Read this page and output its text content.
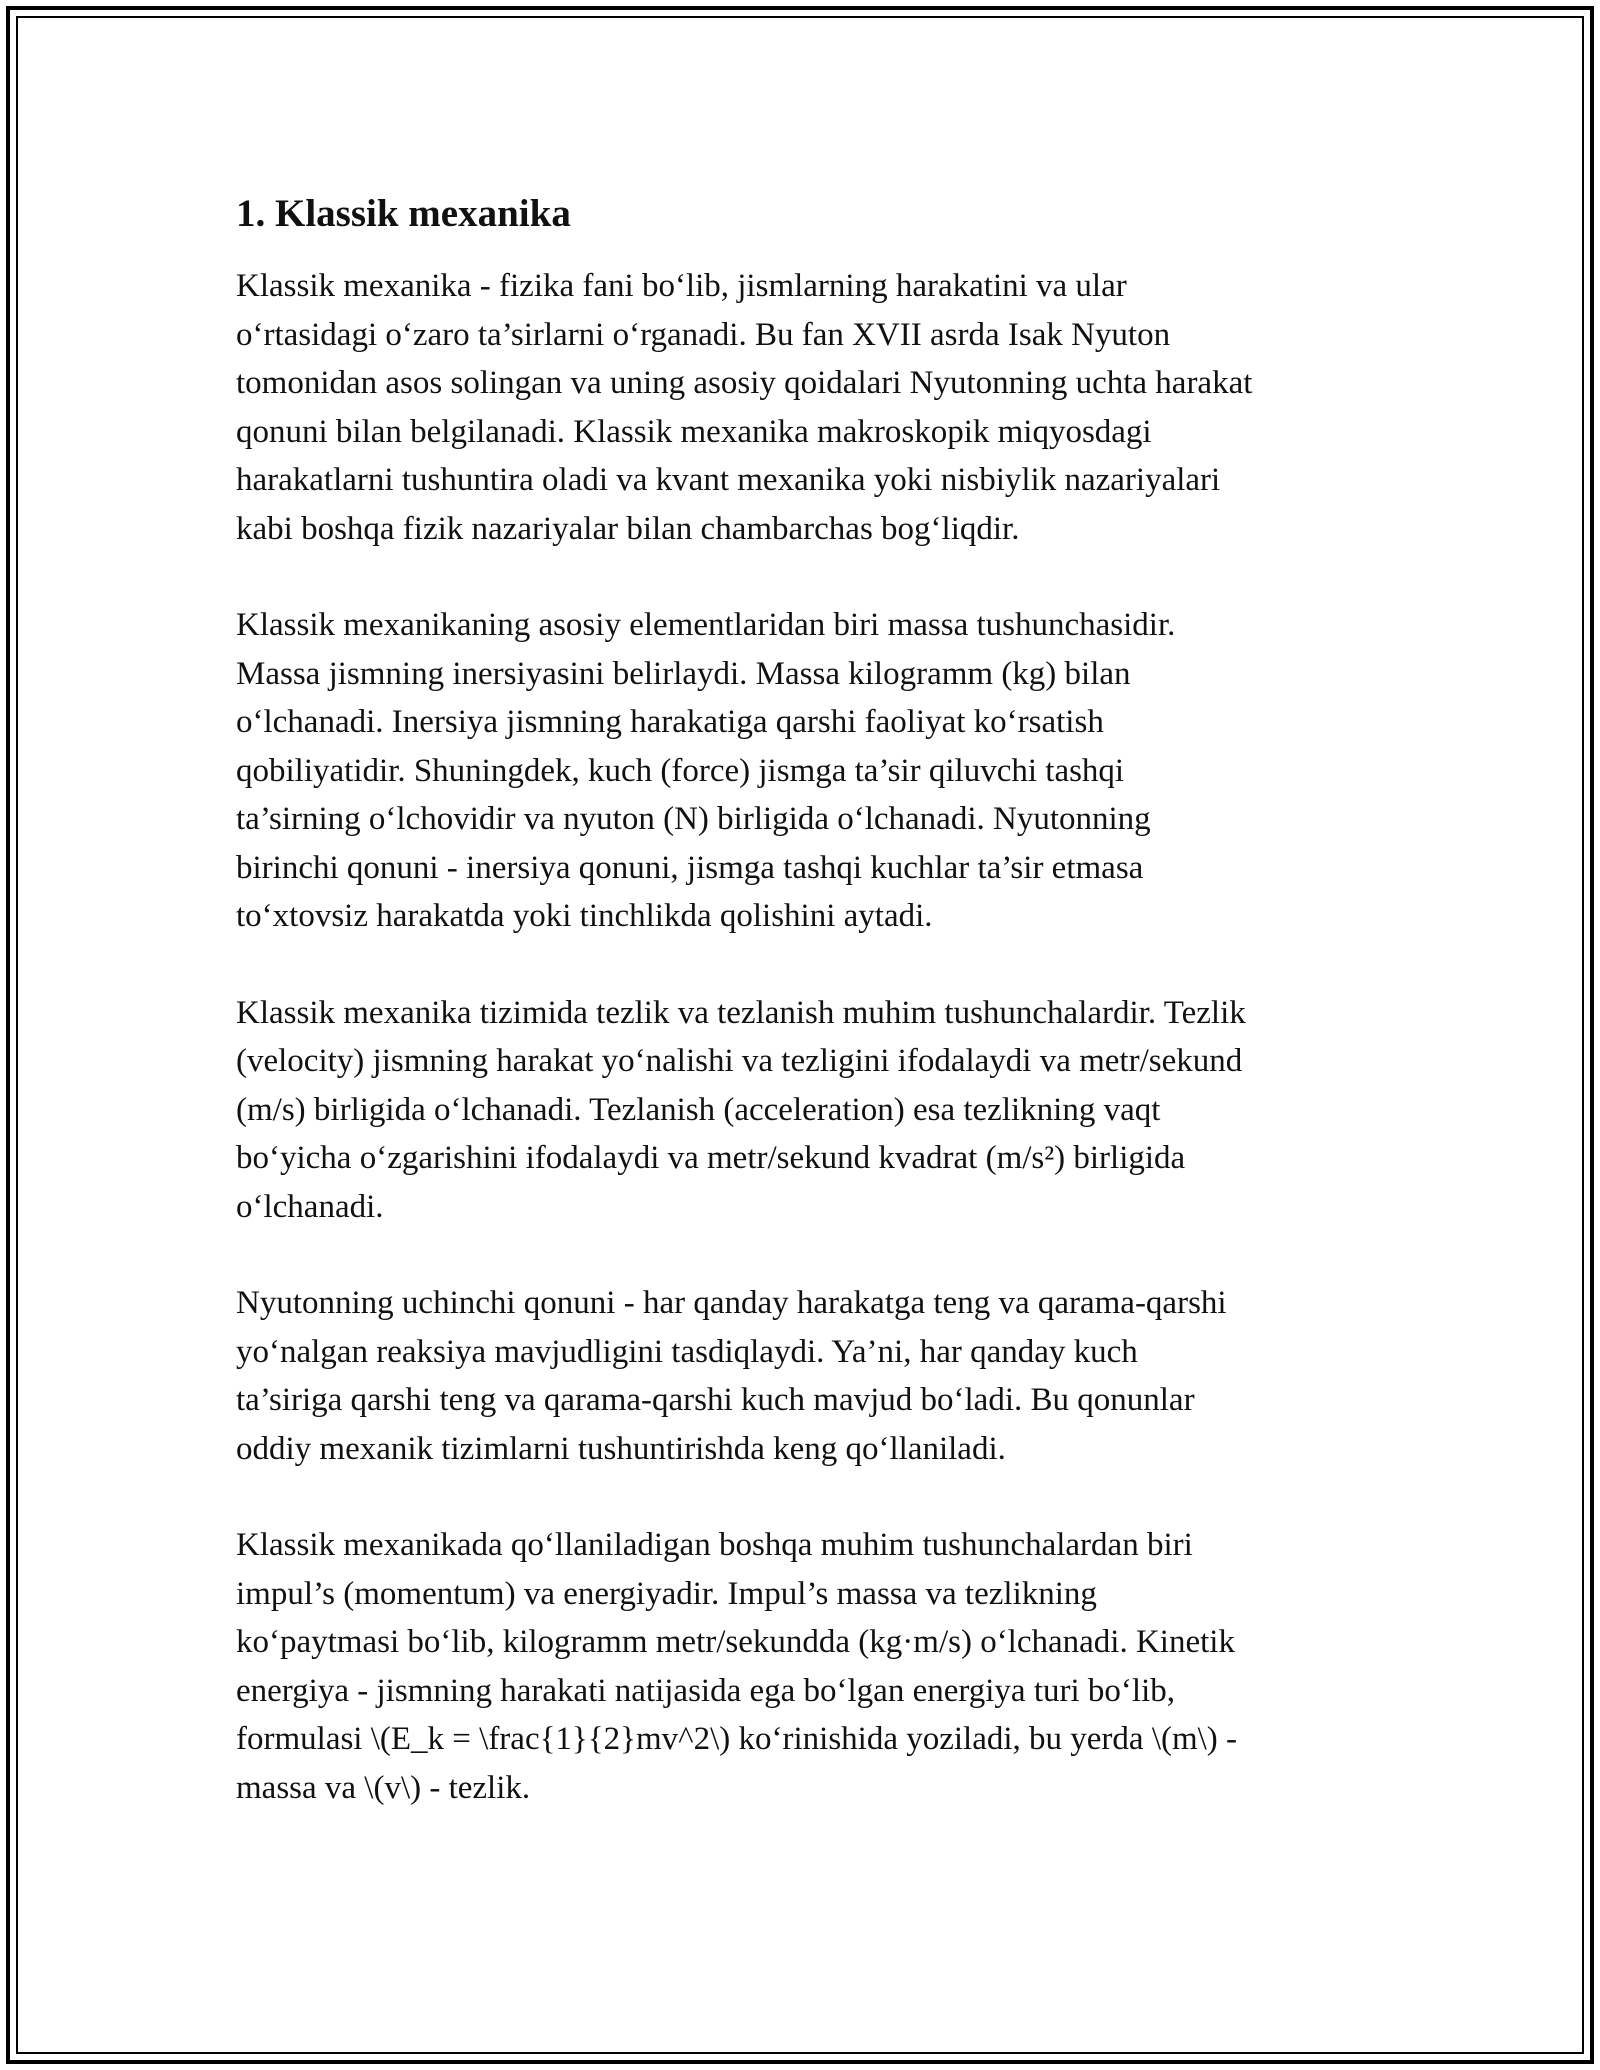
1. Klassik mexanika

Klassik mexanika - fizika fani bo‘lib, jismlarning harakatini va ular
o‘rtasidagi o‘zaro ta’sirlarni o‘rganadi. Bu fan XVII asrda Isak Nyuton
tomonidan asos solingan va uning asosiy qoidalari Nyutonning uchta harakat
qonuni bilan belgilanadi. Klassik mexanika makroskopik miqyosdagi
harakatlarni tushuntira oladi va kvant mexanika yoki nisbiylik nazariyalari
kabi boshqa fizik nazariyalar bilan chambarchas bog‘liqdir.

Klassik mexanikaning asosiy elementlaridan biri massa tushunchasidir.
Massa jismning inersiyasini belirlaydi. Massa kilogramm (kg) bilan
o‘lchanadi. Inersiya jismning harakatiga qarshi faoliyat ko‘rsatish
qobiliyatidir. Shuningdek, kuch (force) jismga ta’sir qiluvchi tashqi
ta’sirning o‘lchovidir va nyuton (N) birligida o‘lchanadi. Nyutonning
birinchi qonuni - inersiya qonuni, jismga tashqi kuchlar ta’sir etmasa
to‘xtovsiz harakatda yoki tinchlikda qolishini aytadi.

Klassik mexanika tizimida tezlik va tezlanish muhim tushunchalardir. Tezlik
(velocity) jismning harakat yo‘nalishi va tezligini ifodalaydi va metr/sekund
(m/s) birligida o‘lchanadi. Tezlanish (acceleration) esa tezlikning vaqt
bo‘yicha o‘zgarishini ifodalaydi va metr/sekund kvadrat (m/s²) birligida
o‘lchanadi.

Nyutonning uchinchi qonuni - har qanday harakatga teng va qarama-qarshi
yo‘nalgan reaksiya mavjudligini tasdiqlaydi. Ya’ni, har qanday kuch
ta’siriga qarshi teng va qarama-qarshi kuch mavjud bo‘ladi. Bu qonunlar
oddiy mexanik tizimlarni tushuntirishda keng qo‘llaniladi.

Klassik mexanikada qo‘llaniladigan boshqa muhim tushunchalardan biri
impul’s (momentum) va energiyadir. Impul’s massa va tezlikning
ko‘paytmasi bo‘lib, kilogramm metr/sekundda (kg·m/s) o‘lchanadi. Kinetik
energiya - jismning harakati natijasida ega bo‘lgan energiya turi bo‘lib,
formulasi \(E_k = \frac{1}{2}mv^2\) ko‘rinishida yoziladi, bu yerda \(m\) -
massa va \(v\) - tezlik.
